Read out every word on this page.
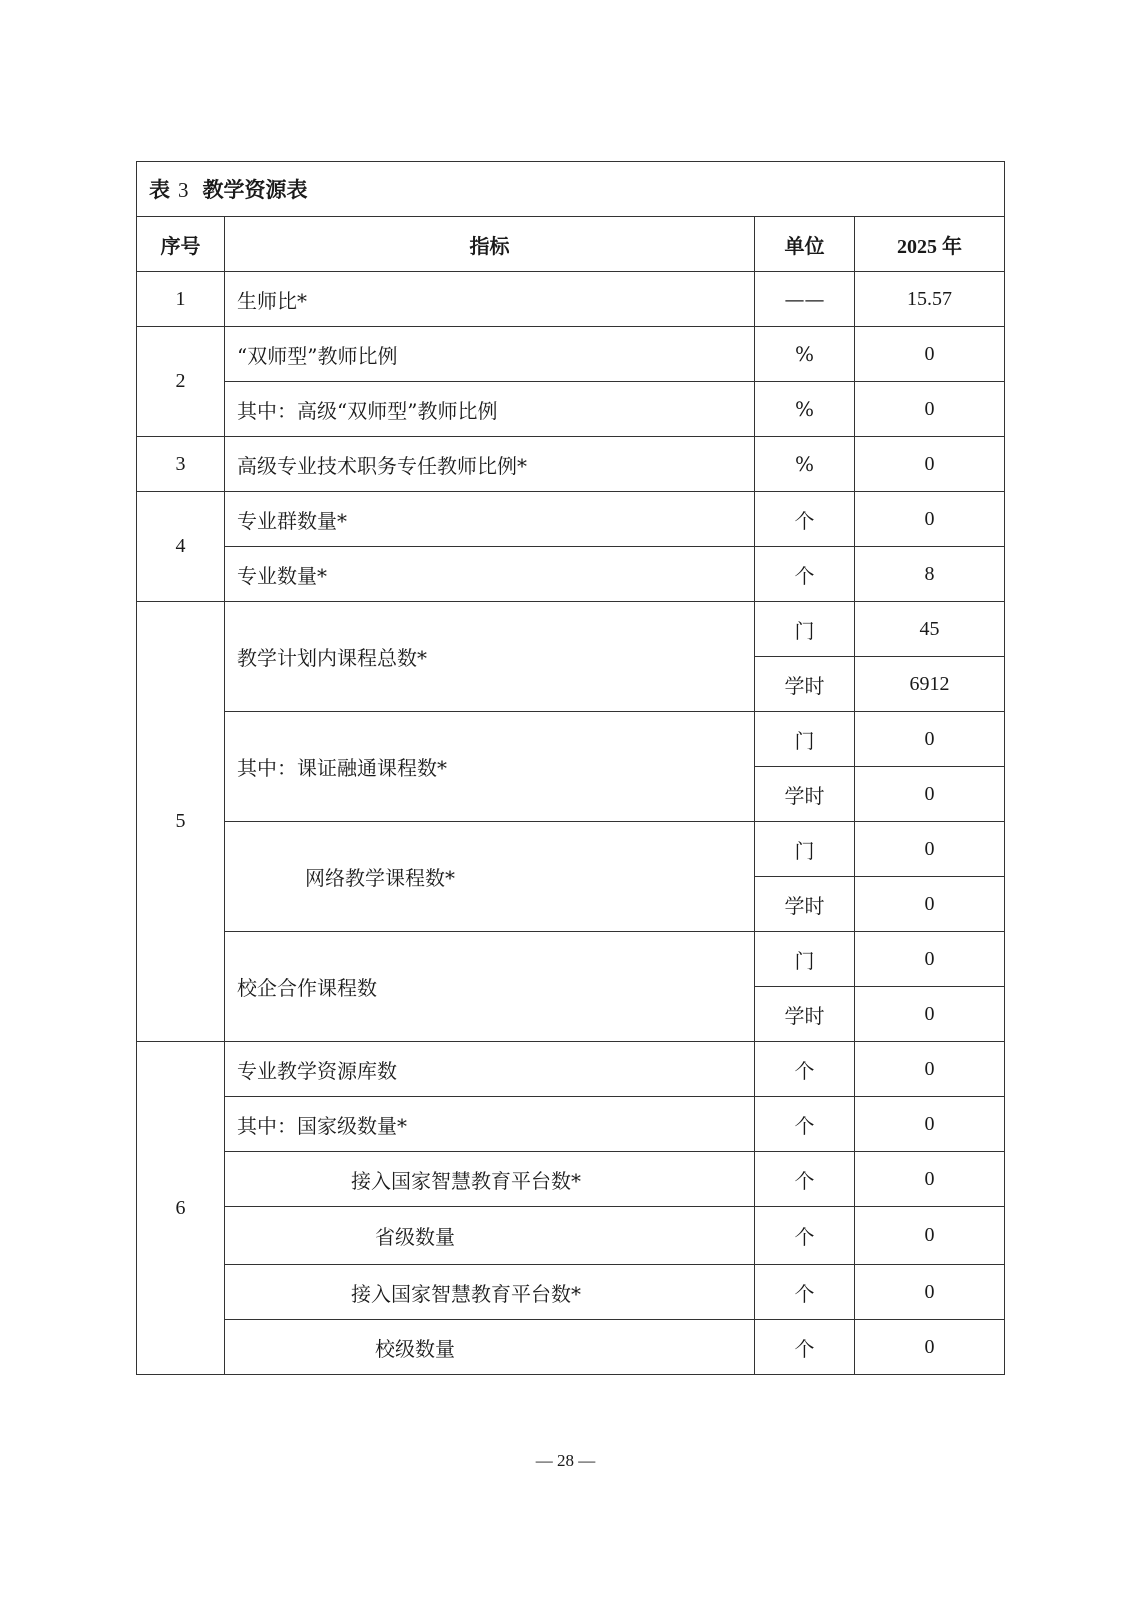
表 3 教学资源表			
序号	指标	单位	2025 年
1	生师比*	——	15.57
2	“双师型”教师比例	%	0
	其中：高级“双师型”教师比例	%	0
3	高级专业技术职务专任教师比例*	%	0
4	专业群数量*	个	0
	专业数量*	个	8
5	教学计划内课程总数*	门	45
		学时	6912
	其中：课证融通课程数*	门	0
		学时	0
	网络教学课程数*	门	0
		学时	0
	校企合作课程数	门	0
		学时	0
6	专业教学资源库数	个	0
	其中：国家级数量*	个	0
	接入国家智慧教育平台数*	个	0
	省级数量	个	0
	接入国家智慧教育平台数*	个	0
	校级数量	个	0
— 28 —
